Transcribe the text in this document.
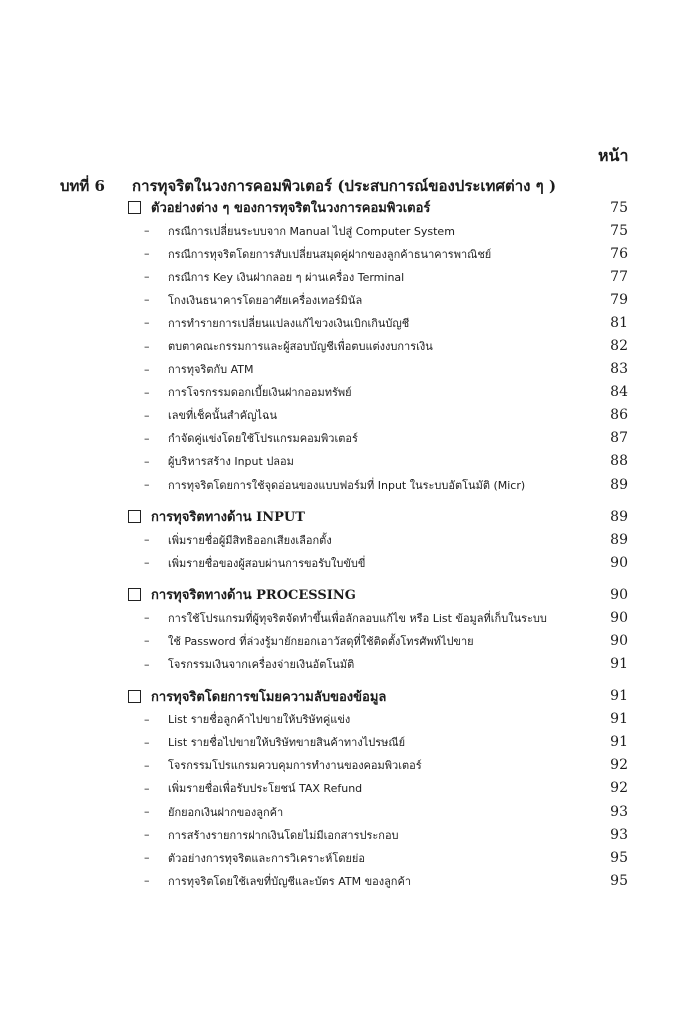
หน้า
บทที่ 6 การทุจริตในวงการคอมพิวเตอร์ (ประสบการณ์ของประเทศต่าง ๆ )
ตัวอย่างต่าง ๆ ของการทุจริตในวงการคอมพิวเตอร์	75
–	กรณีการเปลี่ยนระบบจาก Manual ไปสู่ Computer System	75
–	กรณีการทุจริตโดยการสับเปลี่ยนสมุดคู่ฝากของลูกค้าธนาคารพาณิชย์	76
–	กรณีการ Key เงินฝากลอย ๆ ผ่านเครื่อง Terminal	77
–	โกงเงินธนาคารโดยอาศัยเครื่องเทอร์มินัล	79
–	การทำรายการเปลี่ยนแปลงแก้ไขวงเงินเบิกเกินบัญชี	81
–	ตบตาคณะกรรมการและผู้สอบบัญชีเพื่อตบแต่งงบการเงิน	82
–	การทุจริตกับ ATM	83
–	การโจรกรรมดอกเบี้ยเงินฝากออมทรัพย์	84
–	เลขที่เช็คนั้นสำคัญไฉน	86
–	กำจัดคู่แข่งโดยใช้โปรแกรมคอมพิวเตอร์	87
–	ผู้บริหารสร้าง Input ปลอม	88
–	การทุจริตโดยการใช้จุดอ่อนของแบบฟอร์มที่ Input ในระบบอัตโนมัติ (Micr)	89
การทุจริตทางด้าน INPUT	89
–	เพิ่มรายชื่อผู้มีสิทธิออกเสียงเลือกตั้ง	89
–	เพิ่มรายชื่อของผู้สอบผ่านการขอรับใบขับขี่	90
การทุจริตทางด้าน PROCESSING	90
–	การใช้โปรแกรมที่ผู้ทุจริตจัดทำขึ้นเพื่อลักลอบแก้ไข หรือ List ข้อมูลที่เก็บในระบบ	90
–	ใช้ Password ที่ล่วงรู้มายักยอกเอาวัสดุที่ใช้ติดตั้งโทรศัพท์ไปขาย	90
–	โจรกรรมเงินจากเครื่องจ่ายเงินอัตโนมัติ	91
การทุจริตโดยการขโมยความลับของข้อมูล	91
–	List รายชื่อลูกค้าไปขายให้บริษัทคู่แข่ง	91
–	List รายชื่อไปขายให้บริษัทขายสินค้าทางไปรษณีย์	91
–	โจรกรรมโปรแกรมควบคุมการทำงานของคอมพิวเตอร์	92
–	เพิ่มรายชื่อเพื่อรับประโยชน์ TAX Refund	92
–	ยักยอกเงินฝากของลูกค้า	93
–	การสร้างรายการฝากเงินโดยไม่มีเอกสารประกอบ	93
–	ตัวอย่างการทุจริตและการวิเคราะห์โดยย่อ	95
–	การทุจริตโดยใช้เลขที่บัญชีและบัตร ATM ของลูกค้า	95
